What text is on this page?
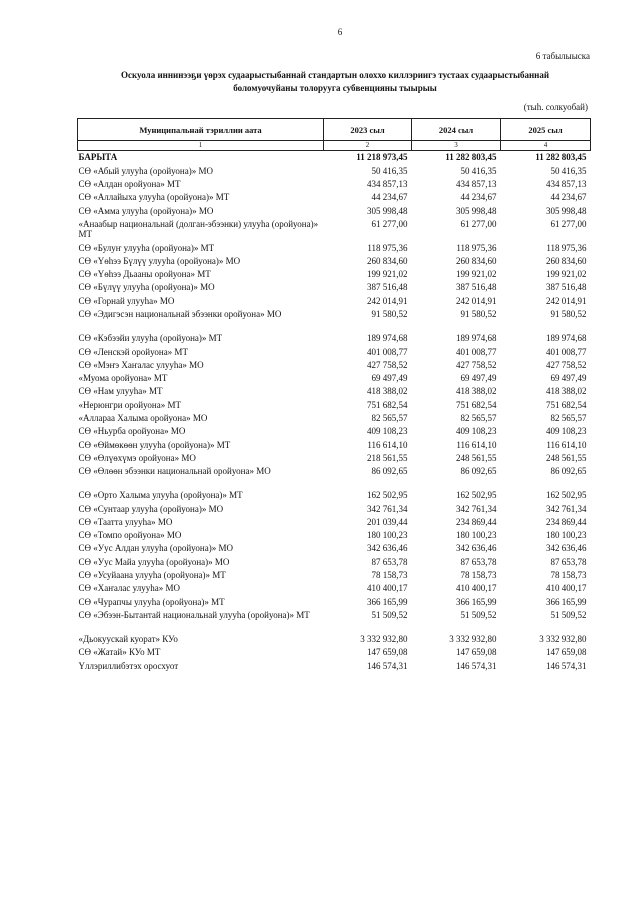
6
6 табылыыска
Оскуола иннинээҕи үөрэх судаарыстыбаннай стандартын олоххо киллэриигэ тустаах судаарыстыбаннай
боломуочуйаны толорууга субвенцияны тыырыы
(тыһ. солкуобай)
Муниципальнай тэриллии аата	2023 сыл	2024 сыл	2025 сыл
1	2	3	4
БАРЫТА	11 218 973,45	11 282 803,45	11 282 803,45
СӨ «Абый улууһа (оройуона)» МО	50 416,35	50 416,35	50 416,35
СӨ «Алдан оройуона» МТ	434 857,13	434 857,13	434 857,13
СӨ «Аллайыха улууһа (оройуона)» МТ	44 234,67	44 234,67	44 234,67
СӨ «Амма улууһа (оройуона)» МО	305 998,48	305 998,48	305 998,48
«Анаабыр национальнай (долган-эбээнки) улууһа (оройуона)» МТ	61 277,00	61 277,00	61 277,00
СӨ «Булуҥ улууһа (оройуона)» МТ	118 975,36	118 975,36	118 975,36
СӨ «Үөһээ Бүлүү улууһа (оройуона)» МО	260 834,60	260 834,60	260 834,60
СӨ «Үөһээ Дьааны оройуона» МТ	199 921,02	199 921,02	199 921,02
СӨ «Бүлүү улууһа (оройуона)» МО	387 516,48	387 516,48	387 516,48
СӨ «Горнай улууһа» МО	242 014,91	242 014,91	242 014,91
СӨ «Эдигэсэн национальнай эбээнки оройуона» МО	91 580,52	91 580,52	91 580,52

СӨ «Кэбээйи улууһа (оройуона)» МТ	189 974,68	189 974,68	189 974,68
СӨ «Ленскэй оройуона» МТ	401 008,77	401 008,77	401 008,77
СӨ «Мэҥэ Хаҥалас улууһа» МО	427 758,52	427 758,52	427 758,52
«Муома оройуона» МТ	69 497,49	69 497,49	69 497,49
СӨ «Нам улууһа» МТ	418 388,02	418 388,02	418 388,02
«Нерюнгри оройуона» МТ	751 682,54	751 682,54	751 682,54
«Аллараа Халыма оройуона» МО	82 565,57	82 565,57	82 565,57
СӨ «Ньурба оройуона» МО	409 108,23	409 108,23	409 108,23
СӨ «Өймөкөөн улууһа (оройуона)» МТ	116 614,10	116 614,10	116 614,10
СӨ «Өлүөхүмэ оройуона» МО	218 561,55	248 561,55	248 561,55
СӨ «Өлөөн эбээнки национальнай оройуона» МО	86 092,65	86 092,65	86 092,65

СӨ «Орто Халыма улууһа (оройуона)» МТ	162 502,95	162 502,95	162 502,95
СӨ «Сунтаар улууһа (оройуона)» МО	342 761,34	342 761,34	342 761,34
СӨ «Таатта улууһа» МО	201 039,44	234 869,44	234 869,44
СӨ «Томпо оройуона» МО	180 100,23	180 100,23	180 100,23
СӨ «Уус Алдан улууһа (оройуона)» МО	342 636,46	342 636,46	342 636,46
СӨ «Уус Майа улууһа (оройуона)» МО	87 653,78	87 653,78	87 653,78
СӨ «Усуйаана улууһа (оройуона)» МТ	78 158,73	78 158,73	78 158,73
СӨ «Хаҥалас улууһа» МО	410 400,17	410 400,17	410 400,17
СӨ «Чурапчы улууһа (оройуона)» МТ	366 165,99	366 165,99	366 165,99
СӨ «Эбээн-Бытантай национальнай улууһа (оройуона)» МТ	51 509,52	51 509,52	51 509,52

«Дьокуускай куорат» КУо	3 332 932,80	3 332 932,80	3 332 932,80
СӨ «Жатай» КУо МТ	147 659,08	147 659,08	147 659,08
Үллэриллибэтэх оросхуот	146 574,31	146 574,31	146 574,31
